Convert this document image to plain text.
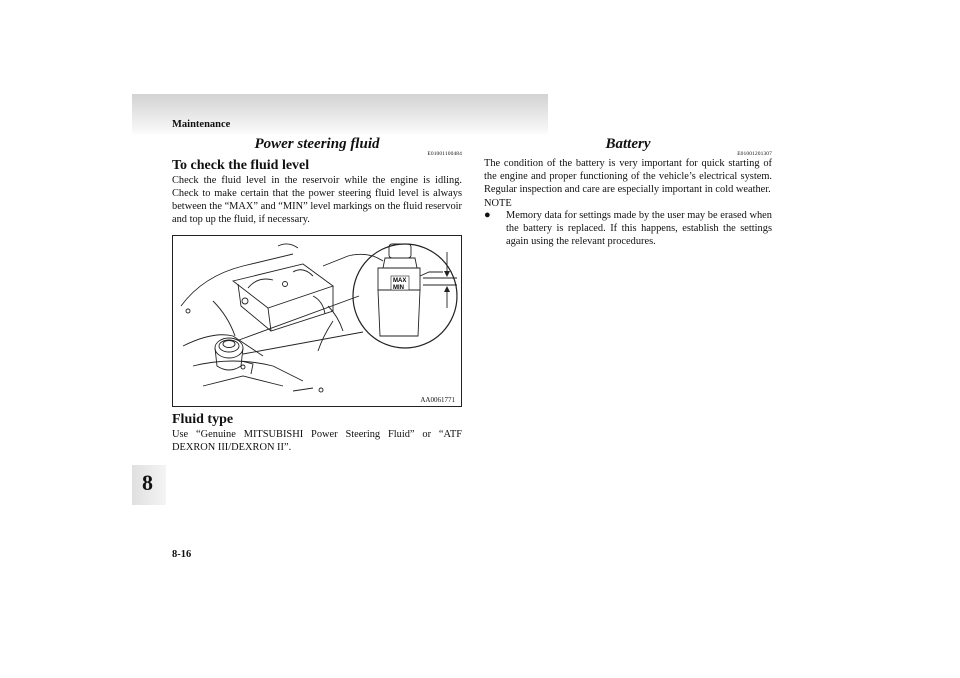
Maintenance
8
8-16
Power steering fluid
E01001100484
To check the fluid level

Check the fluid level in the reservoir while the engine is idling. Check to make certain that the power steering fluid level is always between the “MAX” and “MIN” level markings on the fluid reservoir and top up the fluid, if necessary.

MAX
MIN
AA0061771
Fluid type

Use “Genuine MITSUBISHI Power Steering Fluid” or “ATF DEXRON III/DEXRON II”.

Battery
E01001201307

The condition of the battery is very important for quick starting of the engine and proper functioning of the vehicle’s electrical system. Regular inspection and care are especially important in cold weather.

NOTE
●	Memory data for settings made by the user may be erased when the battery is replaced. If this happens, establish the settings again using the relevant procedures.
